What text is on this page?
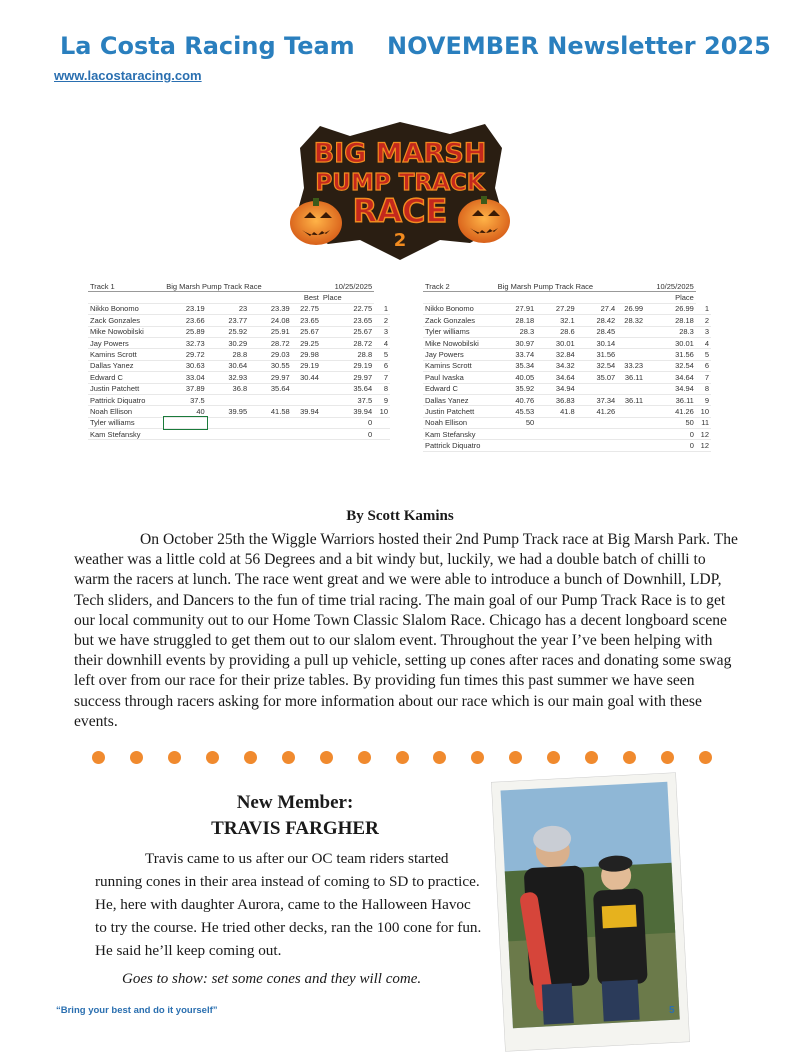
La Costa Racing Team NOVEMBER Newsletter 2025
www.lacostaracing.com
BIG MARSH
PUMP TRACK
RACE
2
Track 1	Big Marsh Pump Track Race				10/25/2025	
				Best	Place	
Nikko Bonomo	23.19	23	23.39	22.75	22.75	1
Zack Gonzales	23.66	23.77	24.08	23.65	23.65	2
Mike Nowobilski	25.89	25.92	25.91	25.67	25.67	3
Jay Powers	32.73	30.29	28.72	29.25	28.72	4
Kamins Scrott	29.72	28.8	29.03	29.98	28.8	5
Dallas Yanez	30.63	30.64	30.55	29.19	29.19	6
Edward C	33.04	32.93	29.97	30.44	29.97	7
Justin Patchett	37.89	36.8	35.64		35.64	8
Pattrick Diquatro	37.5				37.5	9
Noah Ellison	40	39.95	41.58	39.94	39.94	10
Tyler williams					0	
Kam Stefansky					0	
Track 2	Big Marsh Pump Track Race				10/25/2025	
					Place	
Nikko Bonomo	27.91	27.29	27.4	26.99	26.99	1
Zack Gonzales	28.18	32.1	28.42	28.32	28.18	2
Tyler williams	28.3	28.6	28.45		28.3	3
Mike Nowobilski	30.97	30.01	30.14		30.01	4
Jay Powers	33.74	32.84	31.56		31.56	5
Kamins Scrott	35.34	34.32	32.54	33.23	32.54	6
Paul Ivaska	40.05	34.64	35.07	36.11	34.64	7
Edward C	35.92	34.94			34.94	8
Dallas Yanez	40.76	36.83	37.34	36.11	36.11	9
Justin Patchett	45.53	41.8	41.26		41.26	10
Noah Ellison	50				50	11
Kam Stefansky					0	12
Pattrick Diquatro					0	12
By Scott Kamins

On October 25th the Wiggle Warriors hosted their 2nd Pump Track race at Big Marsh Park. The weather was a little cold at 56 Degrees and a bit windy but, luckily, we had a double batch of chilli to warm the racers at lunch. The race went great and we were able to introduce a bunch of Downhill, LDP, Tech sliders, and Dancers to the fun of time trial racing. The main goal of our Pump Track Race is to get our local community out to our Home Town Classic Slalom Race. Chicago has a decent longboard scene but we have struggled to get them out to our slalom event. Throughout the year I’ve been helping with their downhill events by providing a pull up vehicle, setting up cones after races and donating some swag left over from our race for their prize tables. By providing fun times this past summer we have seen success through racers asking for more information about our race which is our main goal with these events.

New Member:
TRAVIS FARGHER

Travis came to us after our OC team riders started running cones in their area instead of coming to SD to practice. He, here with daughter Aurora, came to the Halloween Havoc to try the course. He tried other decks, ran the 100 cone for fun. He said he’ll keep coming out.

Goes to show: set some cones and they will come.
“Bring your best and do it yourself”	5
